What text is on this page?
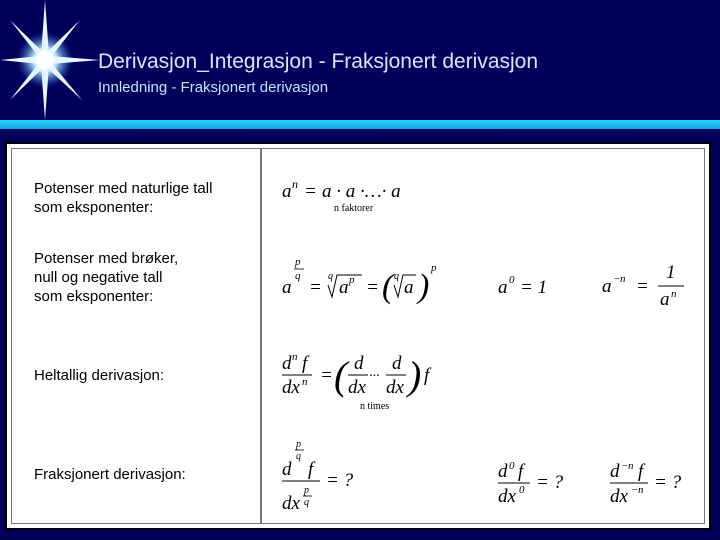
Derivasjon_Integrasjon - Fraksjonert derivasjon
Innledning - Fraksjonert derivasjon
Potenser med naturlige tall
som eksponenter:
a n = a · a ·…· a
n faktorer
Potenser med brøker,
null og negative tall
som eksponenter:
p
q
a =
q
a p = ( q
a ) p
a 0 = 1	a − n =
1
a n
Heltallig derivasjon:
d n f
dx n = ( d
dx
···
d
dx ) f
n times
Fraksjonert derivasjon:
p
q
d f
p
q
dx
= ?	d 0 f
dx 0 = ?
d − n f
dx − n = ?
